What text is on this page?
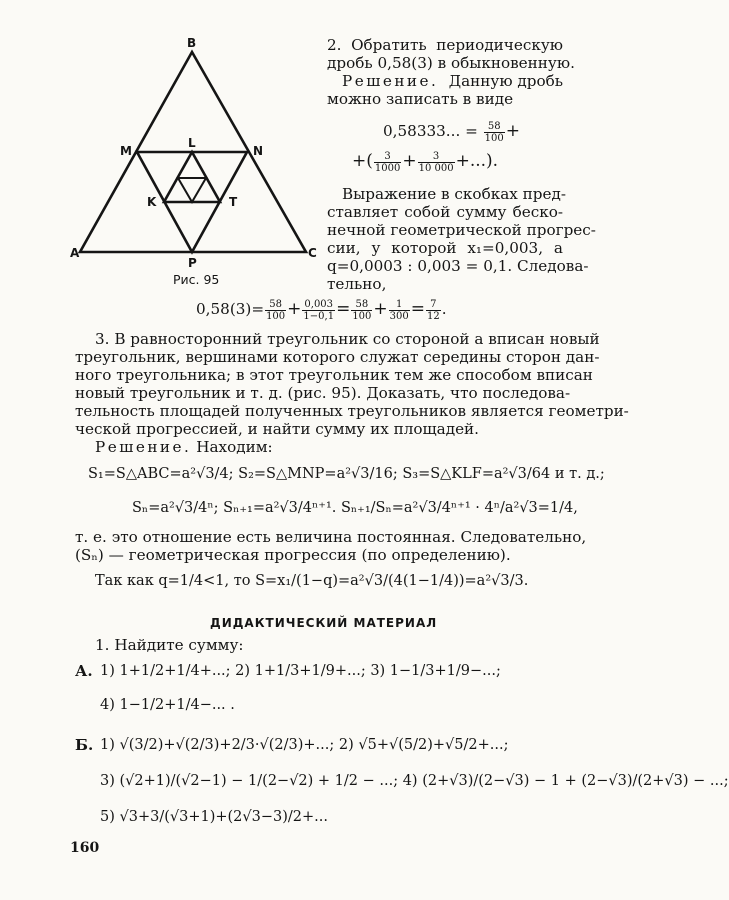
B
M	N
L
K	T
A
P
C
Рис. 95
2. Обратить периодическую
дробь 0,58(3) в обыкновенную.
Решение. Данную дробь
можно записать в виде
0,58333... = $\frac{58}{100}$ +
+( $\frac{3}{1000} + \frac{3}{10 000}$ +...).
Выражение в скобках пред-
ставляет собой сумму беско-
нечной геометрической прогрес-
сии, у которой x₁=0,003, а
q=0,0003 : 0,003 = 0,1. Следова-
тельно,
$0,58(3)= \frac{58}{100} + \frac{0,003}{1-0,1} = \frac{58}{100} + \frac{1}{300} = \frac{7}{12}$ .
3. В равносторонний треугольник со стороной a вписан новый
треугольник, вершинами которого служат середины сторон дан-
ного треугольника; в этот треугольник тем же способом вписан
новый треугольник и т. д. (рис. 95). Доказать, что последова-
тельность площадей полученных треугольников является геометри-
ческой прогрессией, и найти сумму их площадей.
Решение. Находим:
S₁=S△ABC=a²√3/4; S₂=S△MNP=a²√3/16; S₃=S△KLF=a²√3/64 и т. д.;
Sₙ=a²√3/4ⁿ; Sₙ₊₁=a²√3/4ⁿ⁺¹. Sₙ₊₁/Sₙ=a²√3/4ⁿ⁺¹ · 4ⁿ/a²√3=1/4,
т. е. это отношение есть величина постоянная. Следовательно,
(Sₙ) — геометрическая прогрессия (по определению).
Так как q=1/4<1, то S=x₁/(1−q)=a²√3/(4(1−1/4))=a²√3/3.
ДИДАКТИЧЕСКИЙ МАТЕРИАЛ
1. Найдите сумму:
А. 1) 1+1/2+1/4+...; 2) 1+1/3+1/9+...; 3) 1−1/3+1/9−...;
4) 1−1/2+1/4−... .
Б. 1) √(3/2)+√(2/3)+2/3·√(2/3)+...; 2) √5+√(5/2)+√5/2+...;
3) (√2+1)/(√2−1) − 1/(2−√2) + 1/2 − ...; 4) (2+√3)/(2−√3) − 1 + (2−√3)/(2+√3) − ...;
5) √3+3/(√3+1)+(2√3−3)/2+...
160
